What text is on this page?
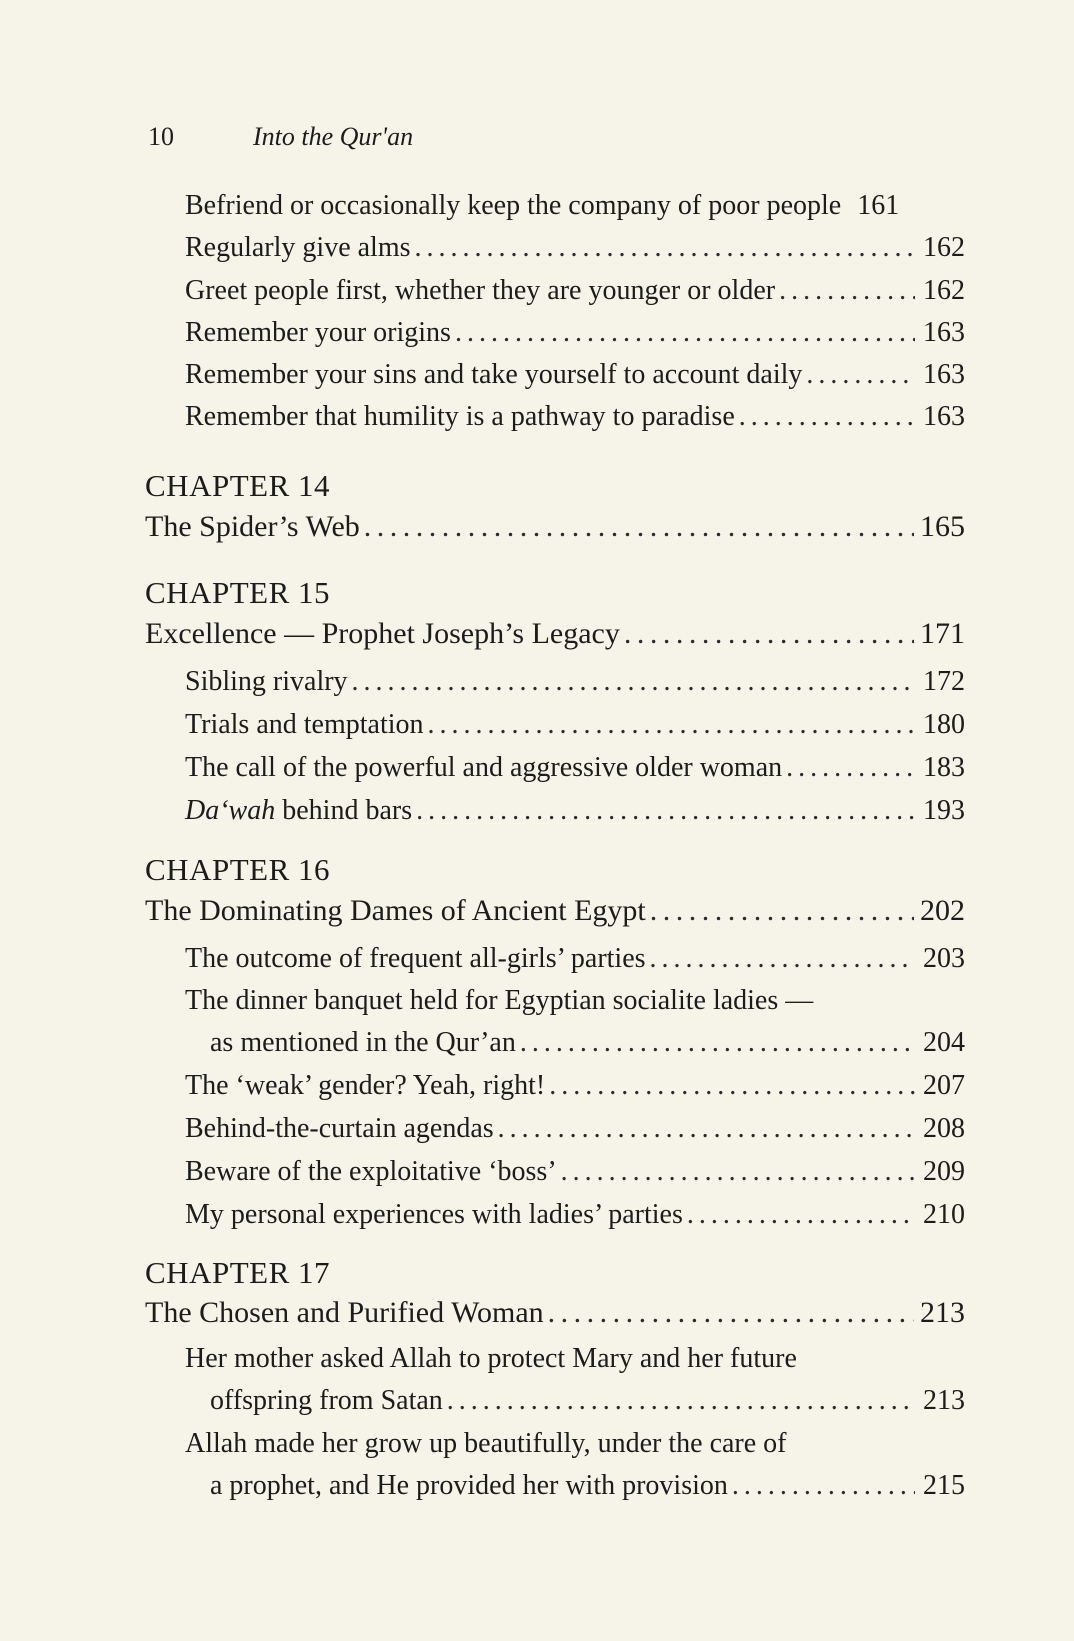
10	Into the Qur'an
Befriend or occasionally keep the company of poor people 161
Regularly give alms . . .	162
Greet people first, whether they are younger or older . . .	162
Remember your origins . . .	163
Remember your sins and take yourself to account daily . . .	163
Remember that humility is a pathway to paradise . . .	163
CHAPTER 14
The Spider’s Web . . .	165
CHAPTER 15
Excellence — Prophet Joseph’s Legacy . . .	171
Sibling rivalry . . .	172
Trials and temptation . . .	180
The call of the powerful and aggressive older woman . . .	183
Da‘wah behind bars . . .	193
CHAPTER 16
The Dominating Dames of Ancient Egypt . . .	202
The outcome of frequent all-girls’ parties . . .	203
The dinner banquet held for Egyptian socialite ladies —
as mentioned in the Qur’an . . .	204
The ‘weak’ gender? Yeah, right! . . .	207
Behind-the-curtain agendas . . .	208
Beware of the exploitative ‘boss’ . . .	209
My personal experiences with ladies’ parties . . .	210
CHAPTER 17
The Chosen and Purified Woman . . .	213
Her mother asked Allah to protect Mary and her future
offspring from Satan . . .	213
Allah made her grow up beautifully, under the care of
a prophet, and He provided her with provision . . .	215
